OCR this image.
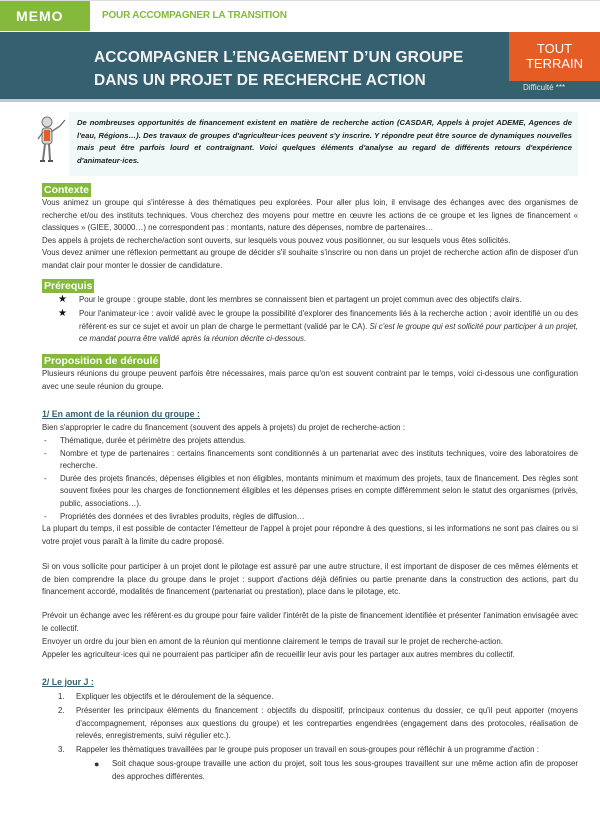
MEMO	POUR ACCOMPAGNER LA TRANSITION
ACCOMPAGNER L’ENGAGEMENT D’UN GROUPE
DANS UN PROJET DE RECHERCHE ACTION
TOUT
TERRAIN
Difficulté ***
De nombreuses opportunités de financement existent en matière de recherche action (CASDAR, Appels à projet ADEME, Agences de l'eau, Régions…). Des travaux de groupes d'agriculteur·ices peuvent s'y inscrire. Y répondre peut être source de dynamiques nouvelles mais peut être parfois lourd et contraignant. Voici quelques éléments d'analyse au regard de différents retours d'expérience d'animateur·ices.
Contexte

Vous animez un groupe qui s'intéresse à des thématiques peu explorées. Pour aller plus loin, il envisage des échanges avec des organismes de recherche et/ou des instituts techniques. Vous cherchez des moyens pour mettre en œuvre les actions de ce groupe et les lignes de financement « classiques » (GIEE, 30000…) ne correspondent pas : montants, nature des dépenses, nombre de partenaires…

Des appels à projets de recherche/action sont ouverts, sur lesquels vous pouvez vous positionner, ou sur lesquels vous êtes sollicités.

Vous devez animer une réflexion permettant au groupe de décider s'il souhaite s'inscrire ou non dans un projet de recherche action afin de disposer d'un mandat clair pour monter le dossier de candidature.

Prérequis
★ Pour le groupe : groupe stable, dont les membres se connaissent bien et partagent un projet commun avec des objectifs clairs.
★ Pour l'animateur·ice : avoir validé avec le groupe la possibilité d'explorer des financements liés à la recherche action ; avoir identifié un ou des référent·es sur ce sujet et avoir un plan de charge le permettant (validé par le CA). Si c'est le groupe qui est sollicité pour participer à un projet, ce mandat pourra être validé après la réunion décrite ci-dessous.
Proposition de déroulé
Plusieurs réunions du groupe peuvent parfois être nécessaires, mais parce qu'on est souvent contraint par le temps, voici ci-dessous une configuration avec une seule réunion du groupe.
1/ En amont de la réunion du groupe :
Bien s'approprier le cadre du financement (souvent des appels à projets) du projet de recherche-action :
- Thématique, durée et périmètre des projets attendus.
- Nombre et type de partenaires : certains financements sont conditionnés à un partenariat avec des instituts techniques, voire des laboratoires de recherche.
- Durée des projets financés, dépenses éligibles et non éligibles, montants minimum et maximum des projets, taux de financement. Des règles sont souvent fixées pour les charges de fonctionnement éligibles et les dépenses prises en compte différemment selon le statut des organismes (privés, public, associations…).
- Propriétés des données et des livrables produits, règles de diffusion…
La plupart du temps, il est possible de contacter l'émetteur de l'appel à projet pour répondre à des questions, si les informations ne sont pas claires ou si votre projet vous paraît à la limite du cadre proposé.
Si on vous sollicite pour participer à un projet dont le pilotage est assuré par une autre structure, il est important de disposer de ces mêmes éléments et de bien comprendre la place du groupe dans le projet : support d'actions déjà définies ou partie prenante dans la construction des actions, part du financement accordé, modalités de financement (partenariat ou prestation), place dans le pilotage, etc.
Prévoir un échange avec les référent·es du groupe pour faire valider l'intérêt de la piste de financement identifiée et présenter l'animation envisagée avec le collectif.
Envoyer un ordre du jour bien en amont de la réunion qui mentionne clairement le temps de travail sur le projet de recherche-action.
Appeler les agriculteur·ices qui ne pourraient pas participer afin de recueillir leur avis pour les partager aux autres membres du collectif.
2/ Le jour J :
1. Expliquer les objectifs et le déroulement de la séquence.
2. Présenter les principaux éléments du financement : objectifs du dispositif, principaux contenus du dossier, ce qu'il peut apporter (moyens d'accompagnement, réponses aux questions du groupe) et les contreparties engendrées (engagement dans des protocoles, réalisation de relevés, enregistrements, suivi régulier etc.).
3. Rappeler les thématiques travaillées par le groupe puis proposer un travail en sous-groupes pour réfléchir à un programme d'action :
● Soit chaque sous-groupe travaille une action du projet, soit tous les sous-groupes travaillent sur une même action afin de proposer des approches différentes.
